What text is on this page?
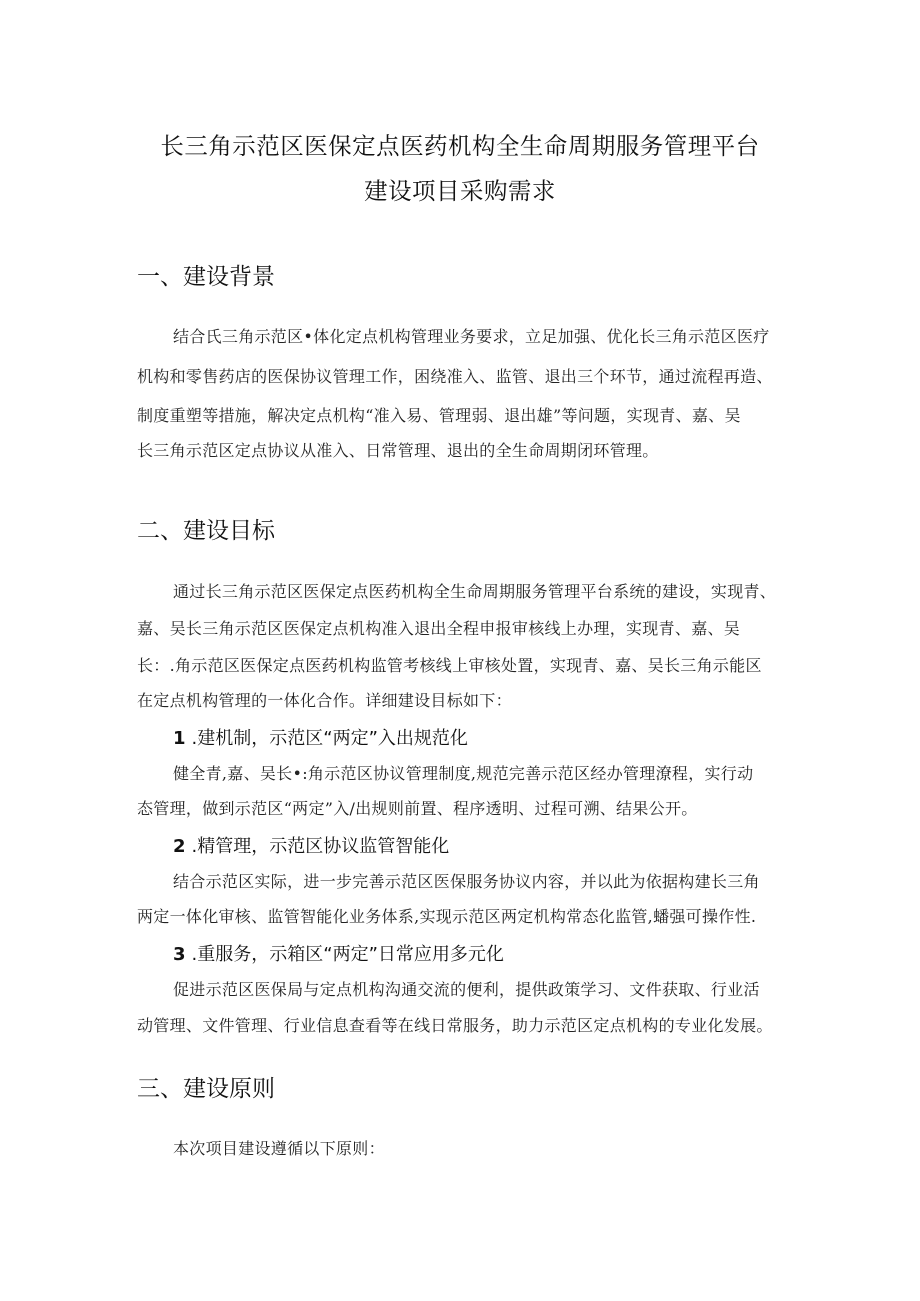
长三角示范区医保定点医药机构全生命周期服务管理平台
建设项目采购需求
一、建设背景
结合氏三角示范区•体化定点机构管理业务要求，立足加强、优化长三角示范区医疗
机构和零售药店的医保协议管理工作，困绕准入、监管、退出三个环节，通过流程再造、
制度重塑等措施，解决定点机构“准入易、管理弱、退出雄”等问题，实现青、嘉、吴
长三角示范区定点协议从准入、日常管理、退出的全生命周期闭环管理。
二、建设目标
通过长三角示范区医保定点医药机构全生命周期服务管理平台系统的建设，实现青、
嘉、吴长三角示范区医保定点机构准入退出全程申报审核线上办理，实现青、嘉、吴
长：.角示范区医保定点医药机构监管考核线上审核处置，实现青、嘉、吴长三角示能区
在定点机构管理的一体化合作。详细建设目标如下：
1 .建机制，示范区“两定”入出规范化
健全青,嘉、吴长•:角示范区协议管理制度,规范完善示范区经办管理潦程，实行动
态管理，做到示范区“两定”入/出规则前置、程序透明、过程可溯、结果公开。
2 .精管理，示范区协议监管智能化
结合示范区实际，进一步完善示范区医保服务协议内容，并以此为依据构建长三角
两定一体化审核、监管智能化业务体系,实现示范区两定机构常态化监管,蟠强可操作性.
3 .重服务，示箱区“两定”日常应用多元化
促进示范区医保局与定点机构沟通交流的便利，提供政策学习、文件获取、行业活
动管理、文件管理、行业信息查看等在线日常服务，助力示范区定点机构的专业化发展。
三、建设原则
本次项目建设遵循以下原则：
